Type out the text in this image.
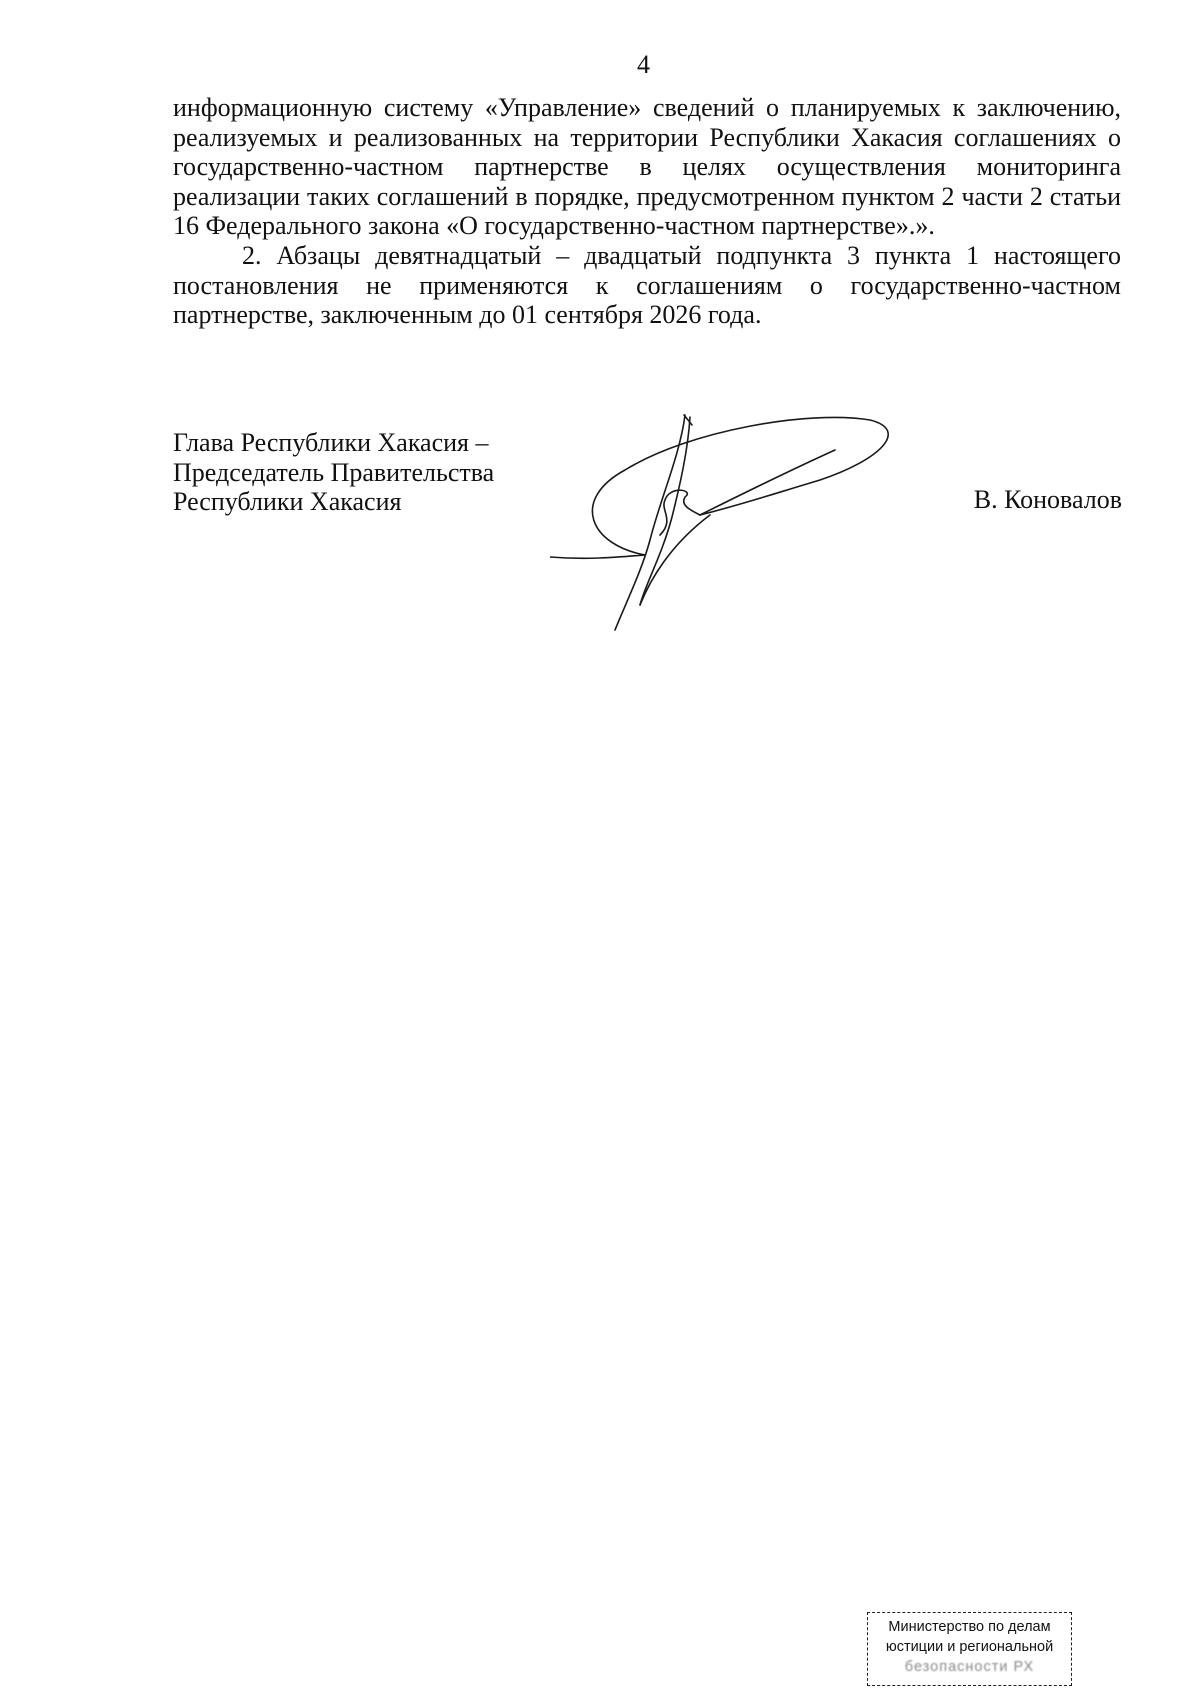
4

информационную систему «Управление» сведений о планируемых к заключению, реализуемых и реализованных на территории Республики Хакасия соглашениях о государственно-частном партнерстве в целях осуществления мониторинга реализации таких соглашений в порядке, предусмотренном пунктом 2 части 2 статьи 16 Федерального закона «О государственно-частном партнерстве».».

2. Абзацы девятнадцатый – двадцатый подпункта 3 пункта 1 настоящего постановления не применяются к соглашениям о государственно-частном партнерстве, заключенным до 01 сентября 2026 года.

Глава Республики Хакасия –
Председатель Правительства
Республики Хакасия	В. Коновалов
Министерство по делам
юстиции и региональной
безопасности РХ
